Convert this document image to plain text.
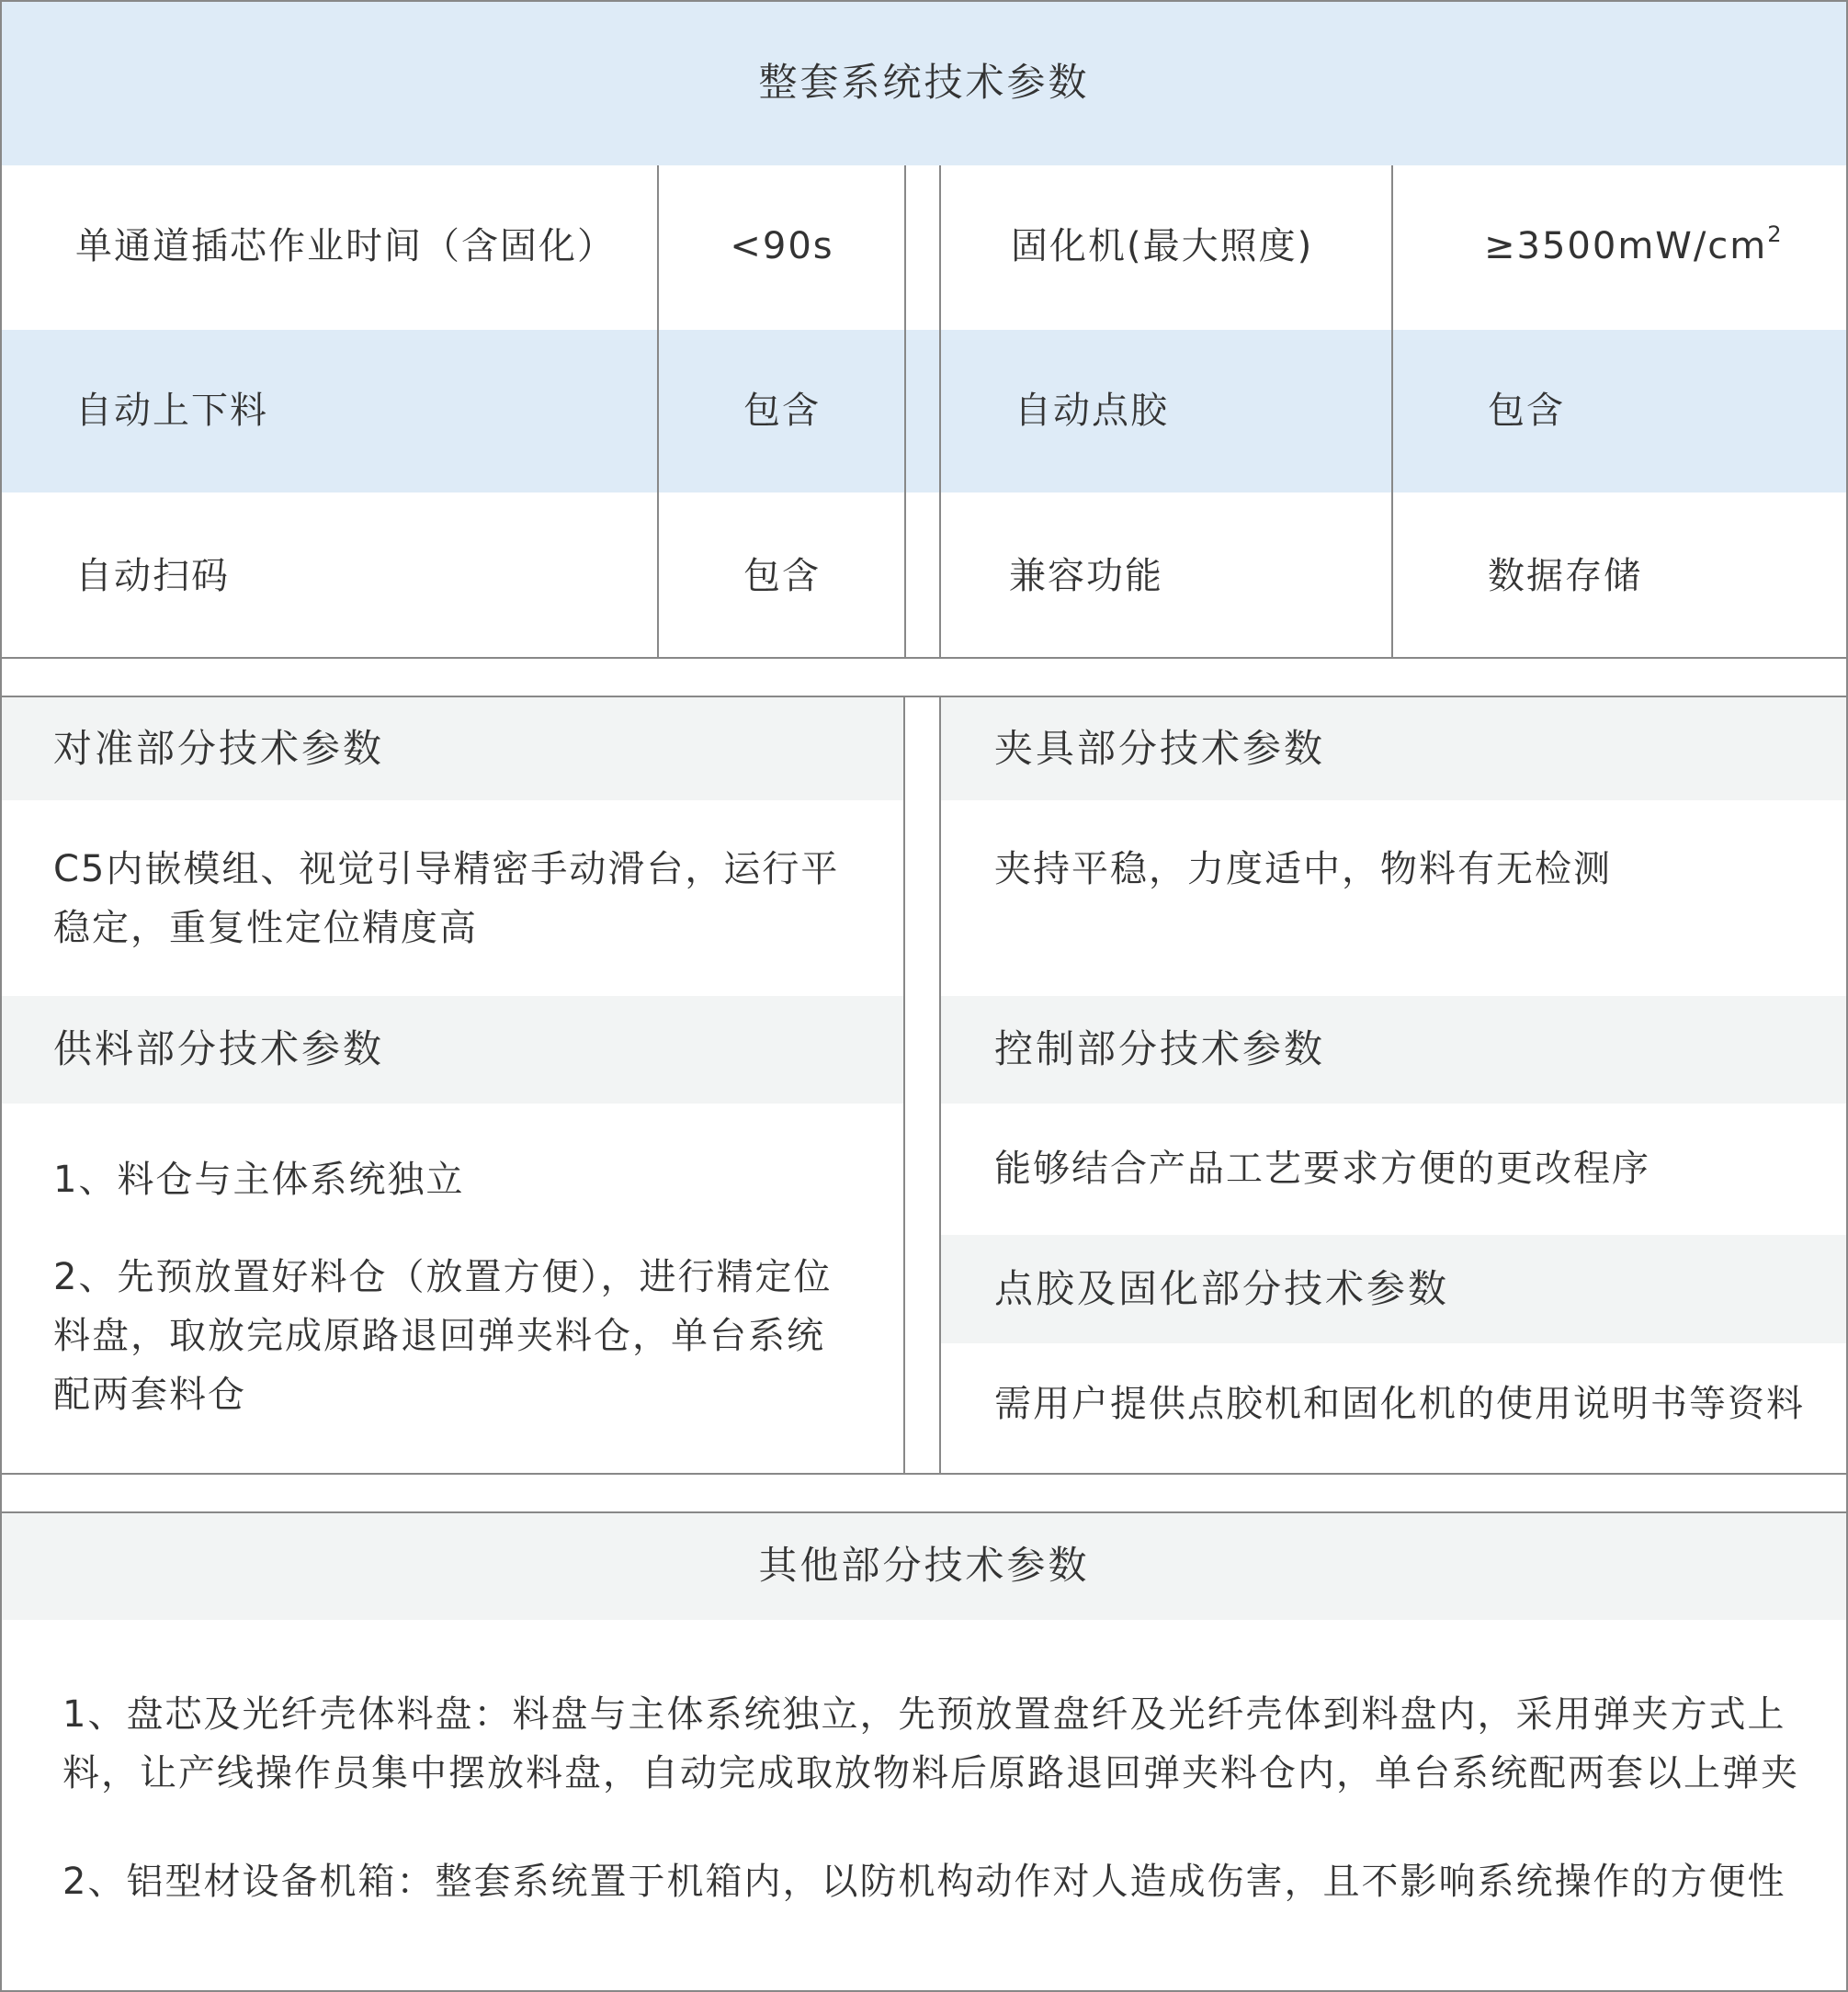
整套系统技术参数
单通道插芯作业时间（含固化）	<90s	固化机(最大照度)	$\ge 3500mW/cm^2$
自动上下料	包含	自动点胶	包含
自动扫码	包含	兼容功能	数据存储
对准部分技术参数
C5内嵌模组、视觉引导精密手动滑台，运行平稳定，重复性定位精度高
供料部分技术参数
1、料仓与主体系统独立
2、先预放置好料仓（放置方便），进行精定位料盘，取放完成原路退回弹夹料仓，单台系统配两套料仓
夹具部分技术参数
夹持平稳，力度适中，物料有无检测
控制部分技术参数
能够结合产品工艺要求方便的更改程序
点胶及固化部分技术参数
需用户提供点胶机和固化机的使用说明书等资料
其他部分技术参数
1、盘芯及光纤壳体料盘：料盘与主体系统独立，先预放置盘纤及光纤壳体到料盘内，采用弹夹方式上料，让产线操作员集中摆放料盘，自动完成取放物料后原路退回弹夹料仓内，单台系统配两套以上弹夹
2、铝型材设备机箱：整套系统置于机箱内，以防机构动作对人造成伤害，且不影响系统操作的方便性
